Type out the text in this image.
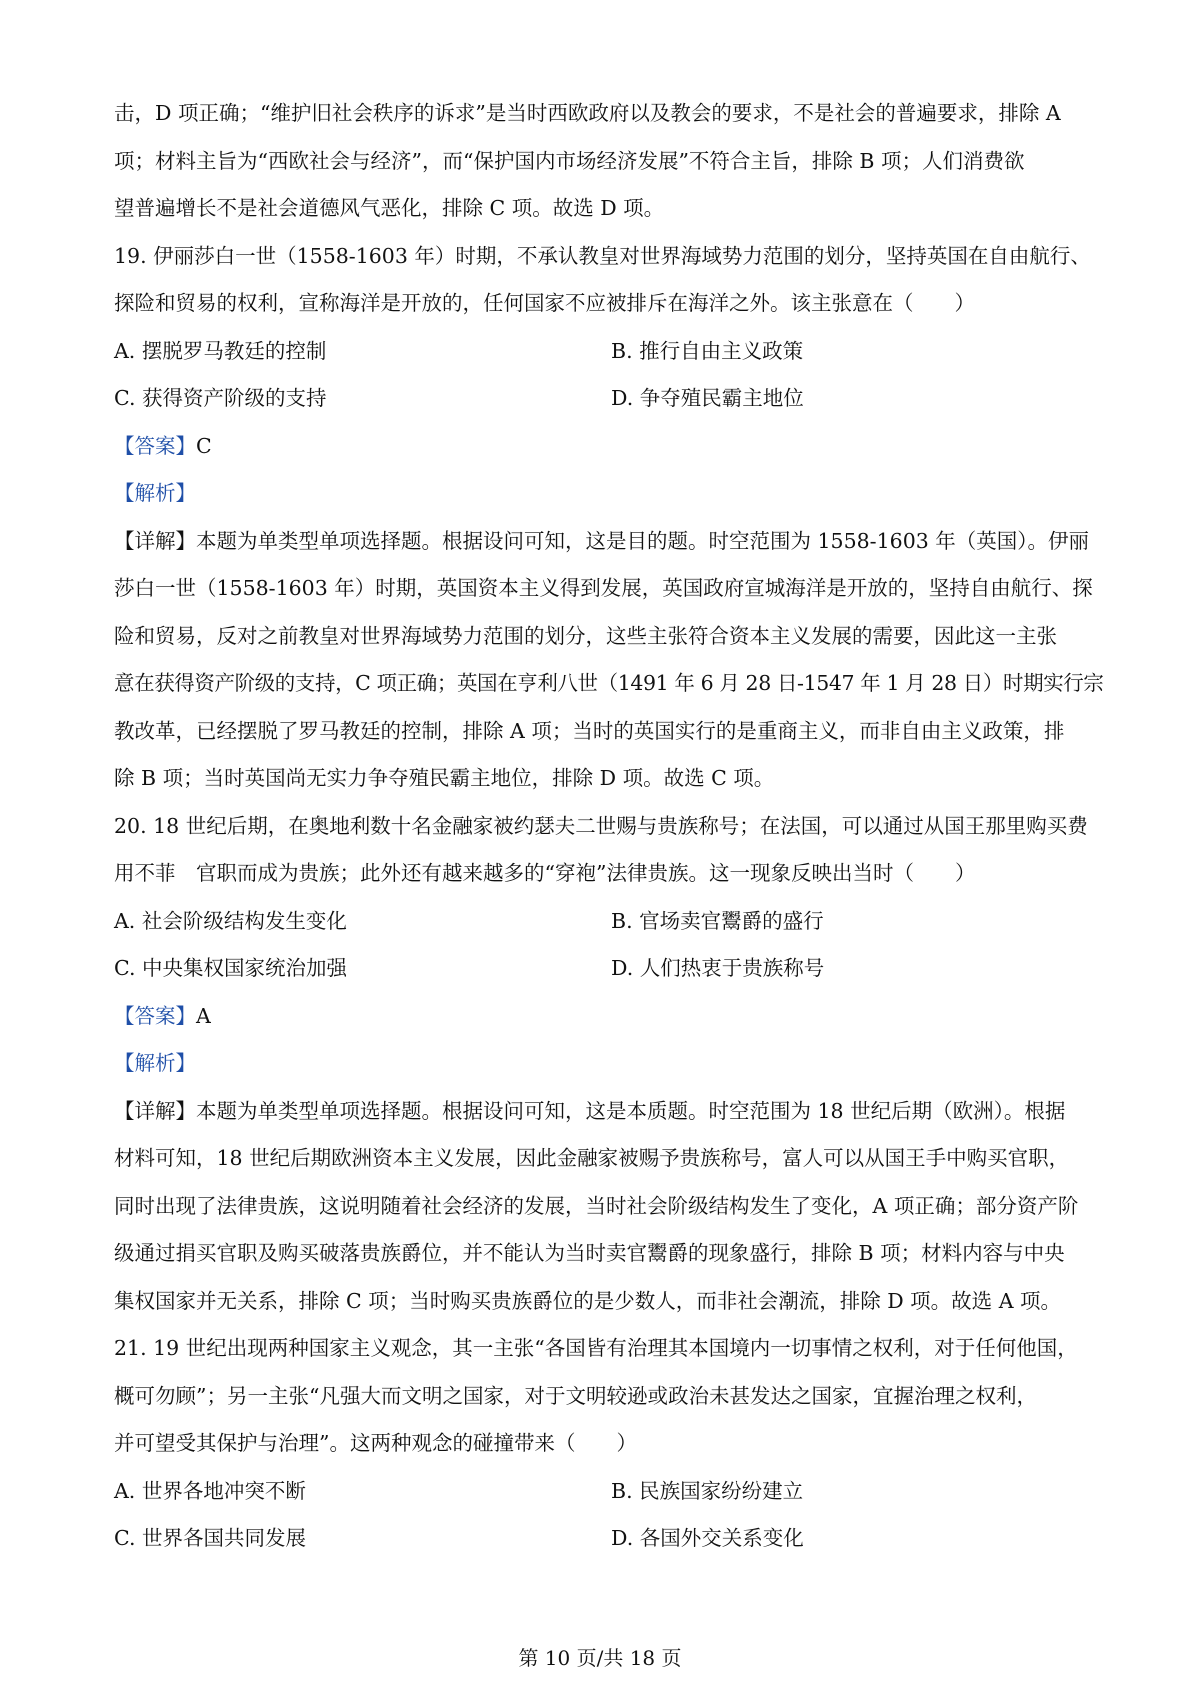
击，D 项正确；“维护旧社会秩序的诉求”是当时西欧政府以及教会的要求，不是社会的普遍要求，排除 A
项；材料主旨为“西欧社会与经济”，而“保护国内市场经济发展”不符合主旨，排除 B 项；人们消费欲
望普遍增长不是社会道德风气恶化，排除 C 项。故选 D 项。

19. 伊丽莎白一世（1558-1603 年）时期，不承认教皇对世界海域势力范围的划分，坚持英国在自由航行、
探险和贸易的权利，宣称海洋是开放的，任何国家不应被排斥在海洋之外。该主张意在（　　）

A. 摆脱罗马教廷的控制	B. 推行自由主义政策
C. 获得资产阶级的支持	D. 争夺殖民霸主地位

【答案】C

【解析】

【详解】本题为单类型单项选择题。根据设问可知，这是目的题。时空范围为 1558-1603 年（英国）。伊丽
莎白一世（1558-1603 年）时期，英国资本主义得到发展，英国政府宣城海洋是开放的，坚持自由航行、探
险和贸易，反对之前教皇对世界海域势力范围的划分，这些主张符合资本主义发展的需要，因此这一主张
意在获得资产阶级的支持，C 项正确；英国在亨利八世（1491 年 6 月 28 日-1547 年 1 月 28 日）时期实行宗
教改革，已经摆脱了罗马教廷的控制，排除 A 项；当时的英国实行的是重商主义，而非自由主义政策，排
除 B 项；当时英国尚无实力争夺殖民霸主地位，排除 D 项。故选 C 项。

20. 18 世纪后期，在奥地利数十名金融家被约瑟夫二世赐与贵族称号；在法国，可以通过从国王那里购买费
用不菲　官职而成为贵族；此外还有越来越多的“穿袍”法律贵族。这一现象反映出当时（　　）

A. 社会阶级结构发生变化	B. 官场卖官鬻爵的盛行
C. 中央集权国家统治加强	D. 人们热衷于贵族称号

【答案】A

【解析】

【详解】本题为单类型单项选择题。根据设问可知，这是本质题。时空范围为 18 世纪后期（欧洲）。根据
材料可知，18 世纪后期欧洲资本主义发展，因此金融家被赐予贵族称号，富人可以从国王手中购买官职，
同时出现了法律贵族，这说明随着社会经济的发展，当时社会阶级结构发生了变化，A 项正确；部分资产阶
级通过捐买官职及购买破落贵族爵位，并不能认为当时卖官鬻爵的现象盛行，排除 B 项；材料内容与中央
集权国家并无关系，排除 C 项；当时购买贵族爵位的是少数人，而非社会潮流，排除 D 项。故选 A 项。

21. 19 世纪出现两种国家主义观念，其一主张“各国皆有治理其本国境内一切事情之权利，对于任何他国，
概可勿顾”；另一主张“凡强大而文明之国家，对于文明较逊或政治未甚发达之国家，宜握治理之权利，
并可望受其保护与治理”。这两种观念的碰撞带来（　　）

A. 世界各地冲突不断	B. 民族国家纷纷建立
C. 世界各国共同发展	D. 各国外交关系变化
第 10 页/共 18 页
